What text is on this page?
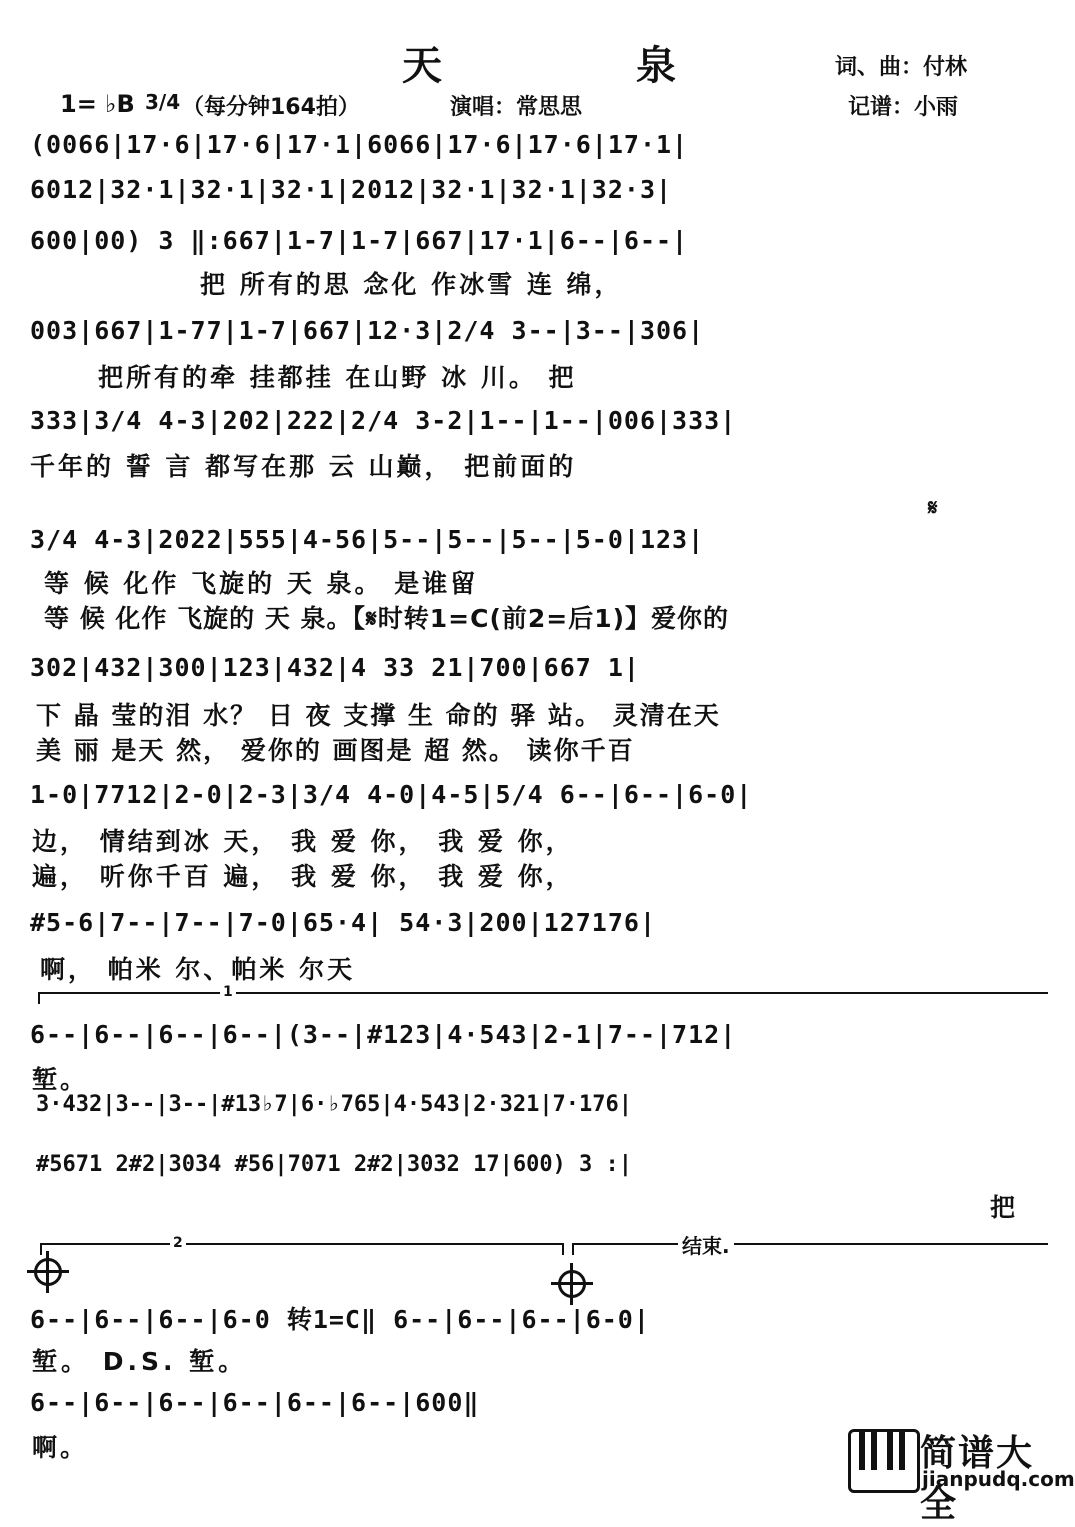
天	泉	词、曲：付林
1= ♭B 3/4 （每分钟164拍）	演唱：常思思	记谱：小雨
(0066|17·6|17·6|17·1|6066|17·6|17·6|17·1|
6012|32·1|32·1|32·1|2012|32·1|32·1|32·3|
600|00) 3 ‖:667|1-7|1-7|667|17·1|6--|6--|
把 所有的思 念化 作冰雪 连 绵，
003|667|1-77|1-7|667|12·3|2/4 3--|3--|306|
把所有的牵 挂都挂 在山野 冰 川。 把
333|3/4 4-3|202|222|2/4 3-2|1--|1--|006|333|
千年的 誓 言 都写在那 云 山巅， 把前面的
𝄋
3/4 4-3|2022|555|4-56|5--|5--|5--|5-0|123|
等 候 化作 飞旋的 天 泉。 是谁留
等 候 化作 飞旋的 天 泉。【𝄋时转1=C(前2=后1)】爱你的
302|432|300|123|432|4 33 21|700|667 1|
下 晶 莹的泪 水？ 日 夜 支撑 生 命的 驿 站。 灵清在天
美 丽 是天 然， 爱你的 画图是 超 然。 读你千百
1-0|7712|2-0|2-3|3/4 4-0|4-5|5/4 6--|6--|6-0|
边， 情结到冰 天， 我 爱 你， 我 爱 你，
遍， 听你千百 遍， 我 爱 你， 我 爱 你，
#5-6|7--|7--|7-0|65·4| 54·3|200|127176|
啊， 帕米 尔、帕米 尔天
1
6--|6--|6--|6--|(3--|#123|4·543|2-1|7--|712|
堑。
3·432|3--|3--|#13♭7|6·♭765|4·543|2·321|7·176|
#5671 2#2|3034 #56|7071 2#2|3032 17|600) 3 :|
把
2	结束.
6--|6--|6--|6-0 转1=C‖ 6--|6--|6--|6-0|
堑。 D.S. 堑。
6--|6--|6--|6--|6--|6--|600‖
啊。	简谱大全
jianpudq.com
